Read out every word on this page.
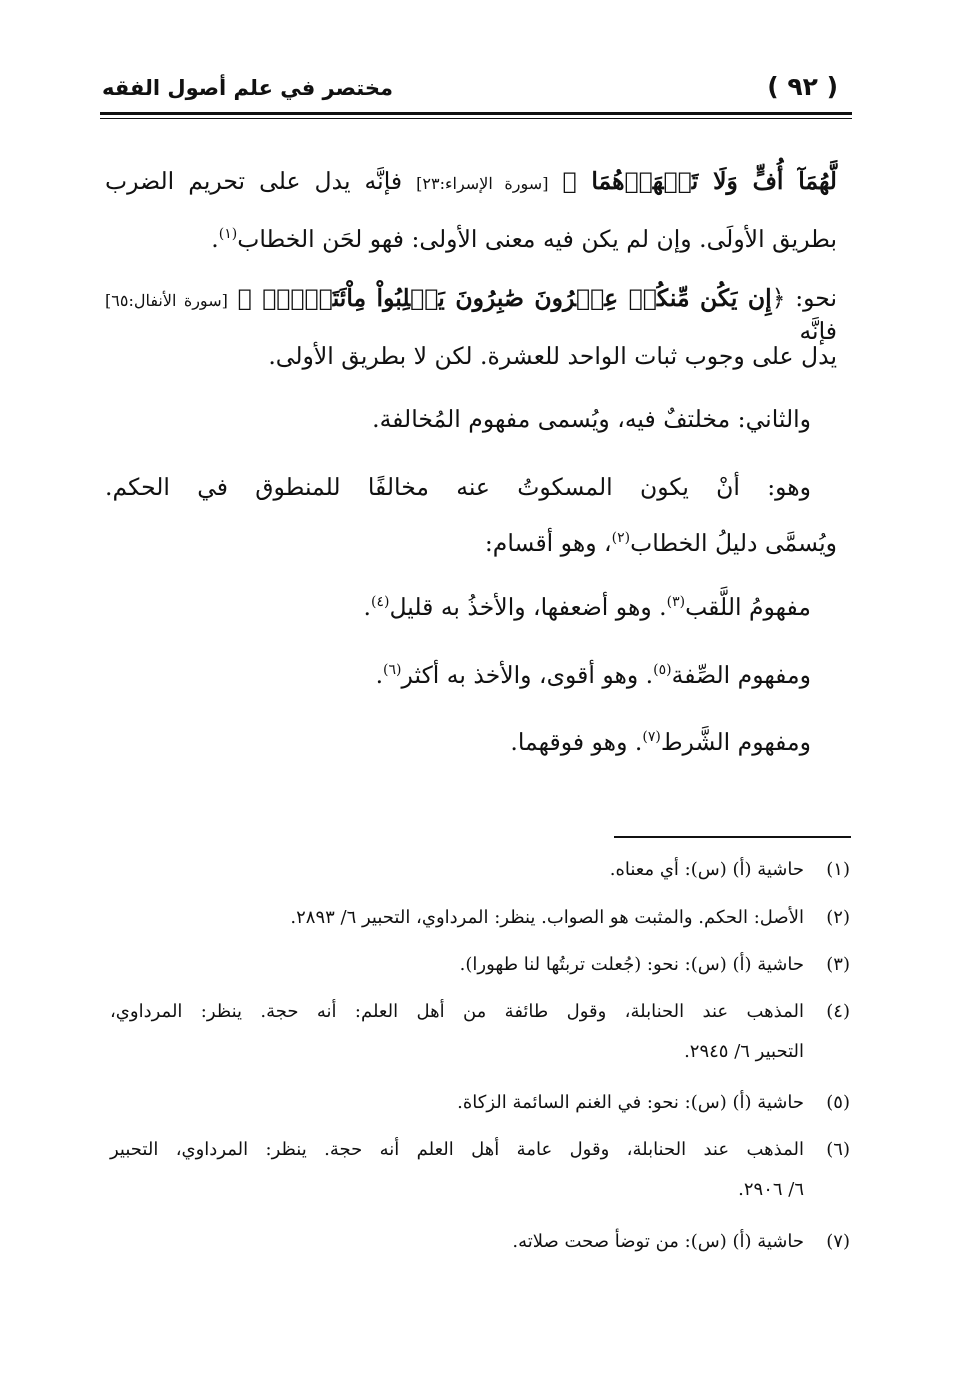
( ٩٢ )
مختصر في علم أصول الفقه
لَّهُمَآ أُفٍّ وَلَا تَنۡهَرۡهُمَا ﴾ [سورة الإسراء:٢٣] فإنَّه يدل على تحريم الضرب
بطريق الأولَى. وإن لم يكن فيه معنى الأولى: فهو لحَن الخطاب$^{(١)}$.
نحو: ﴿إِن يَكُن مِّنكُمۡ عِشۡرُونَ صَٰبِرُونَ يَغۡلِبُواْ مِاْئَتَيۡنِۚ ﴾ [سورة الأنفال:٦٥] فإنَّه
يدل على وجوب ثبات الواحد للعشرة. لكن لا بطريق الأولى.
والثاني: مخلتفٌ فيه، ويُسمى مفهوم المُخالفة.
وهو: أنْ يكون المسكوتُ عنه مخالفًا للمنطوق في الحكم.
ويُسمَّى دليلُ الخطاب$^{(٢)}$، وهو أقسام:
مفهومُ اللَّقب$^{(٣)}$. وهو أضعفها، والأخذُ به قليل$^{(٤)}$.
ومفهوم الصِّفة$^{(٥)}$. وهو أقوى، والأخذ به أكثر$^{(٦)}$.
ومفهوم الشَّرط$^{(٧)}$. وهو فوقهما.
(١)
حاشية (أ) (س): أي معناه.
(٢)
الأصل: الحكم. والمثبت هو الصواب. ينظر: المرداوي، التحبير ٦/ ٢٨٩٣.
(٣)
حاشية (أ) (س): نحو: (جُعلت تربتُها لنا طهورا).
(٤)
المذهب عند الحنابلة، وقول طائفة من أهل العلم: أنه حجة. ينظر: المرداوي،
التحبير ٦/ ٢٩٤٥.
(٥)
حاشية (أ) (س): نحو: في الغنم السائمة الزكاة.
(٦)
المذهب عند الحنابلة، وقول عامة أهل العلم أنه حجة. ينظر: المرداوي، التحبير
٦/ ٢٩٠٦.
(٧)
حاشية (أ) (س): من توضأ صحت صلاته.
